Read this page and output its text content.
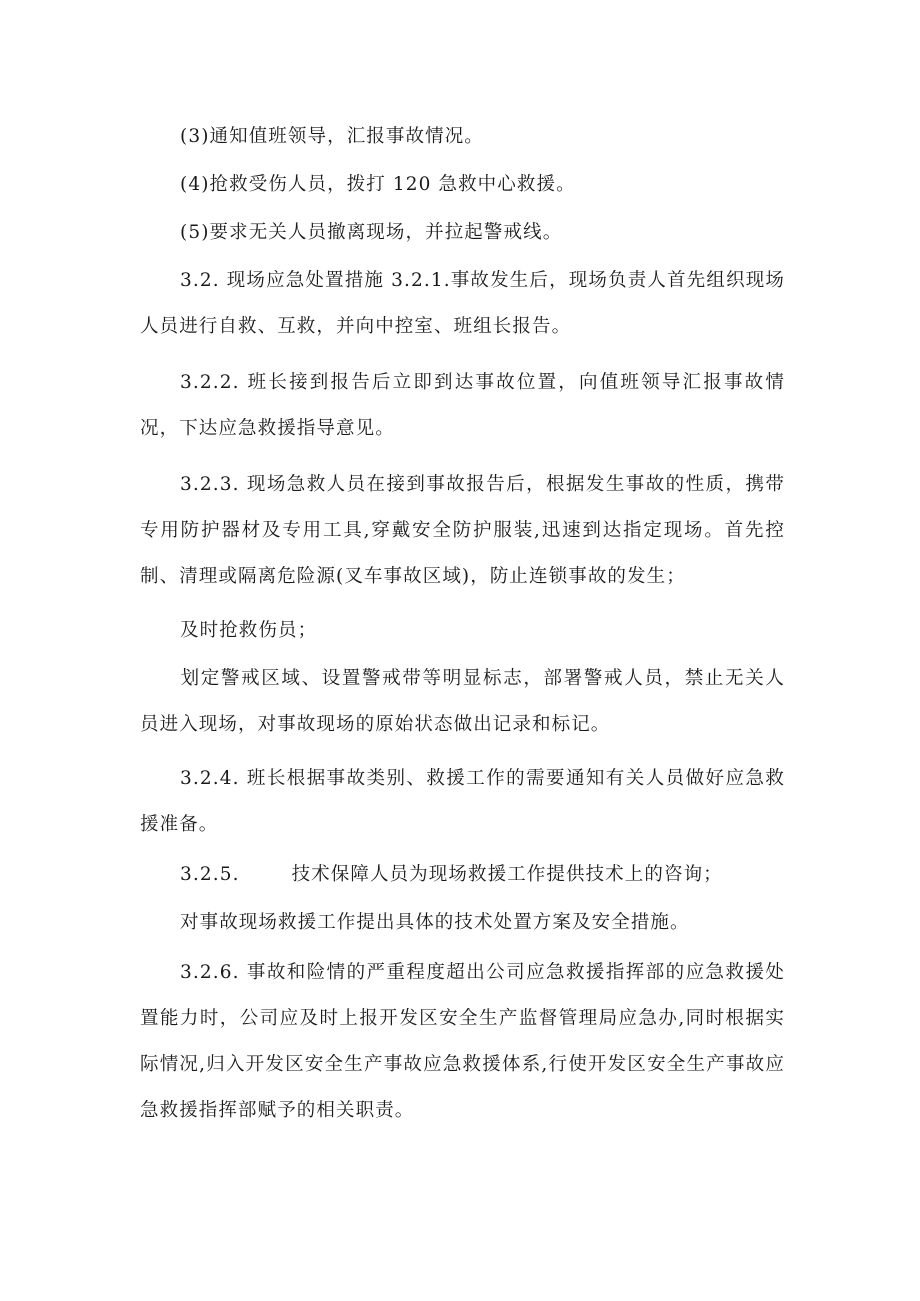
(3)通知值班领导，汇报事故情况。

(4)抢救受伤人员，拨打 120 急救中心救援。

(5)要求无关人员撤离现场，并拉起警戒线。

3.2. 现场应急处置措施 3.2.1.事故发生后，现场负责人首先组织现场人员进行自救、互救，并向中控室、班组长报告。

3.2.2. 班长接到报告后立即到达事故位置，向值班领导汇报事故情况，下达应急救援指导意见。

3.2.3. 现场急救人员在接到事故报告后，根据发生事故的性质，携带专用防护器材及专用工具,穿戴安全防护服装,迅速到达指定现场。首先控制、清理或隔离危险源(叉车事故区域)，防止连锁事故的发生；

及时抢救伤员；

划定警戒区域、设置警戒带等明显标志，部署警戒人员，禁止无关人员进入现场，对事故现场的原始状态做出记录和标记。

3.2.4. 班长根据事故类别、救援工作的需要通知有关人员做好应急救援准备。

3.2.5.	技术保障人员为现场救援工作提供技术上的咨询；

对事故现场救援工作提出具体的技术处置方案及安全措施。

3.2.6. 事故和险情的严重程度超出公司应急救援指挥部的应急救援处置能力时，公司应及时上报开发区安全生产监督管理局应急办,同时根据实际情况,归入开发区安全生产事故应急救援体系,行使开发区安全生产事故应急救援指挥部赋予的相关职责。
